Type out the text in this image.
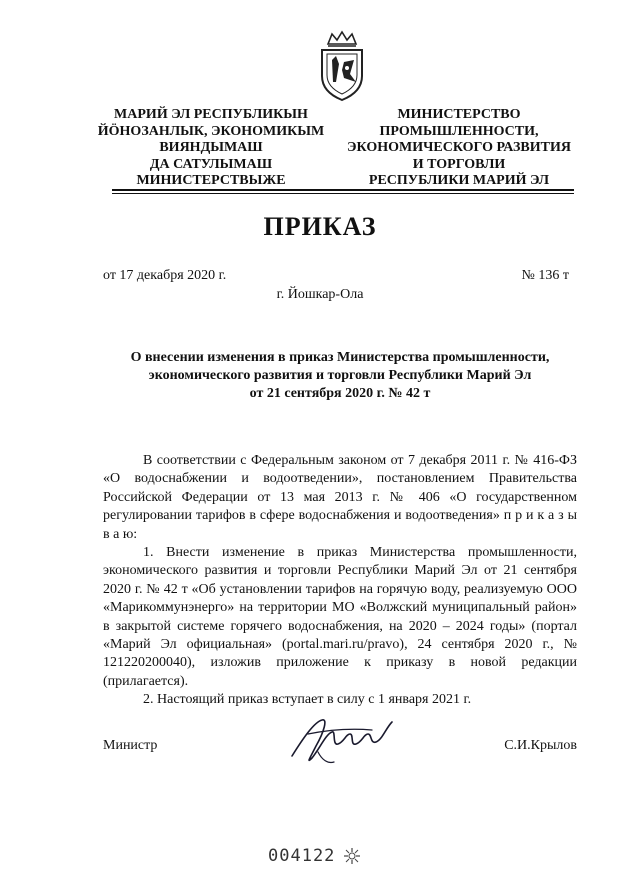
МАРИЙ ЭЛ РЕСПУБЛИКЫН
ЙÖНОЗАНЛЫК, ЭКОНОМИКЫМ
ВИЯНДЫМАШ
ДА САТУЛЫМАШ
МИНИСТЕРСТВЫЖЕ
МИНИСТЕРСТВО
ПРОМЫШЛЕННОСТИ,
ЭКОНОМИЧЕСКОГО РАЗВИТИЯ
И ТОРГОВЛИ
РЕСПУБЛИКИ МАРИЙ ЭЛ
ПРИКАЗ
от 17 декабря 2020 г.	№ 136 т
г. Йошкар-Ола
О внесении изменения в приказ Министерства промышленности,
экономического развития и торговли Республики Марий Эл
от 21 сентября 2020 г. № 42 т

В соответствии с Федеральным законом от 7 декабря 2011 г. № 416-ФЗ «О водоснабжении и водоотведении», постановлением Правительства Российской Федерации от 13 мая 2013 г. № 406 «О государственном регулировании тарифов в сфере водоснабжения и водоотведения» п р и к а з ы в а ю:

1. Внести изменение в приказ Министерства промышленности, экономического развития и торговли Республики Марий Эл от 21 сентября 2020 г. № 42 т «Об установлении тарифов на горячую воду, реализуемую ООО «Марикоммунэнерго» на территории МО «Волжский муниципальный район» в закрытой системе горячего водоснабжения, на 2020 – 2024 годы» (портал «Марий Эл официальная» (portal.mari.ru/pravo), 24 сентября 2020 г., № 121220200040), изложив приложение к приказу в новой редакции (прилагается).

2. Настоящий приказ вступает в силу с 1 января 2021 г.

Министр	С.И.Крылов
004122
